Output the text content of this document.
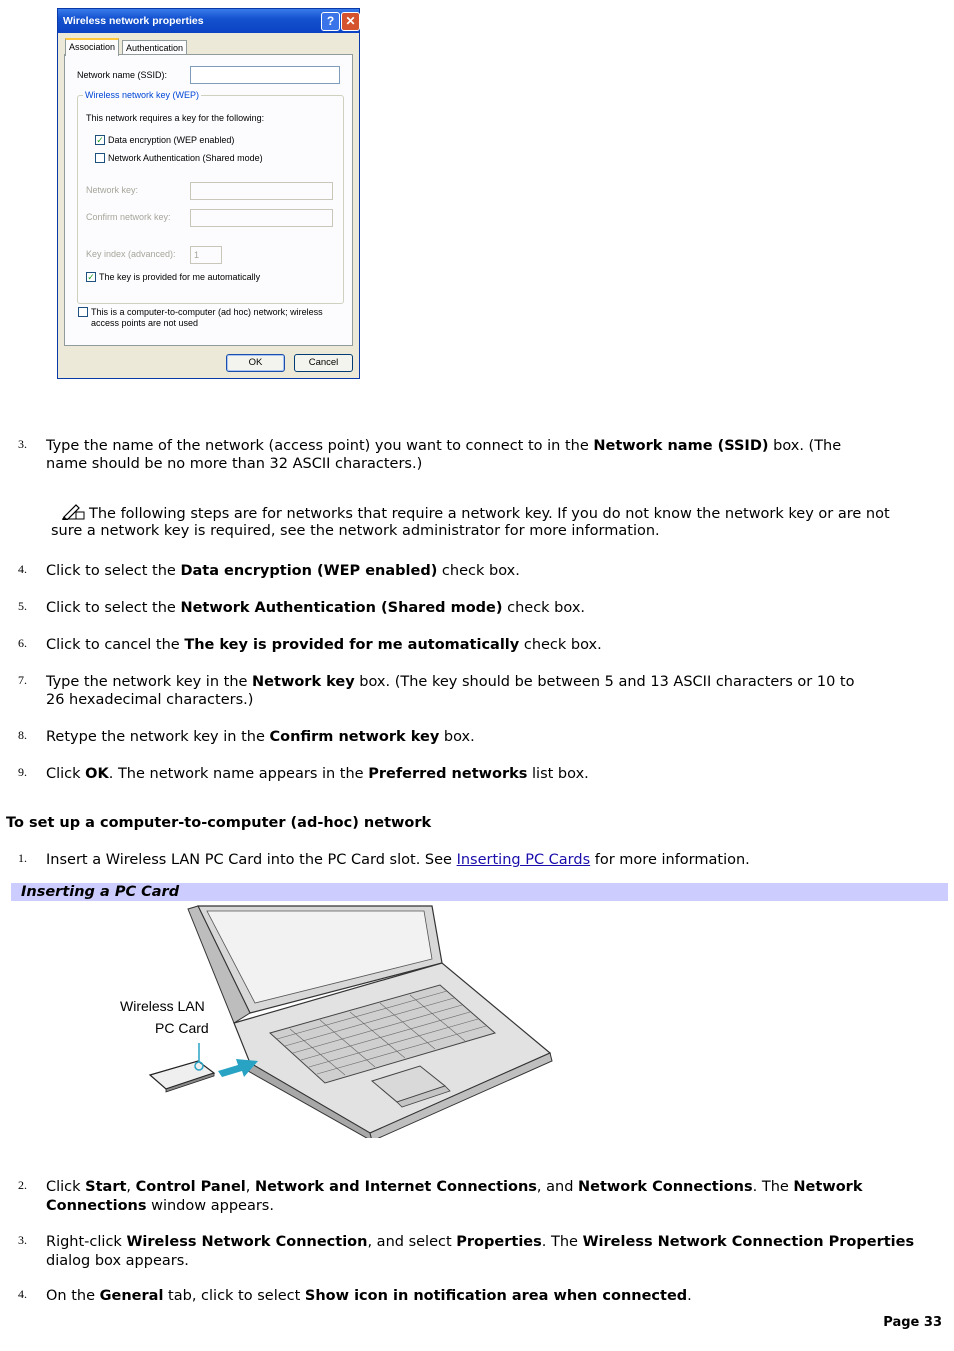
Wireless network properties	? ✕
Association	Authentication
Network name (SSID):
Wireless network key (WEP)
This network requires a key for the following:
✓ Data encryption (WEP enabled)
Network Authentication (Shared mode)
Network key:
Confirm network key:
Key index (advanced):	1
✓ The key is provided for me automatically
This is a computer-to-computer (ad hoc) network; wireless
access points are not used
OK	Cancel
3. Type the name of the network (access point) you want to connect to in the Network name (SSID) box. (The
name should be no more than 32 ASCII characters.)
The following steps are for networks that require a network key. If you do not know the network key or are not
sure a network key is required, see the network administrator for more information.
4. Click to select the Data encryption (WEP enabled) check box.
5. Click to select the Network Authentication (Shared mode) check box.
6. Click to cancel the The key is provided for me automatically check box.
7. Type the network key in the Network key box. (The key should be between 5 and 13 ASCII characters or 10 to
26 hexadecimal characters.)
8. Retype the network key in the Confirm network key box.
9. Click OK. The network name appears in the Preferred networks list box.
To set up a computer-to-computer (ad-hoc) network
1. Insert a Wireless LAN PC Card into the PC Card slot. See Inserting PC Cards for more information.
Inserting a PC Card
Wireless LAN
PC Card
2. Click Start, Control Panel, Network and Internet Connections, and Network Connections. The Network
Connections window appears.
3. Right-click Wireless Network Connection, and select Properties. The Wireless Network Connection Properties
dialog box appears.
4. On the General tab, click to select Show icon in notification area when connected.
Page 33
